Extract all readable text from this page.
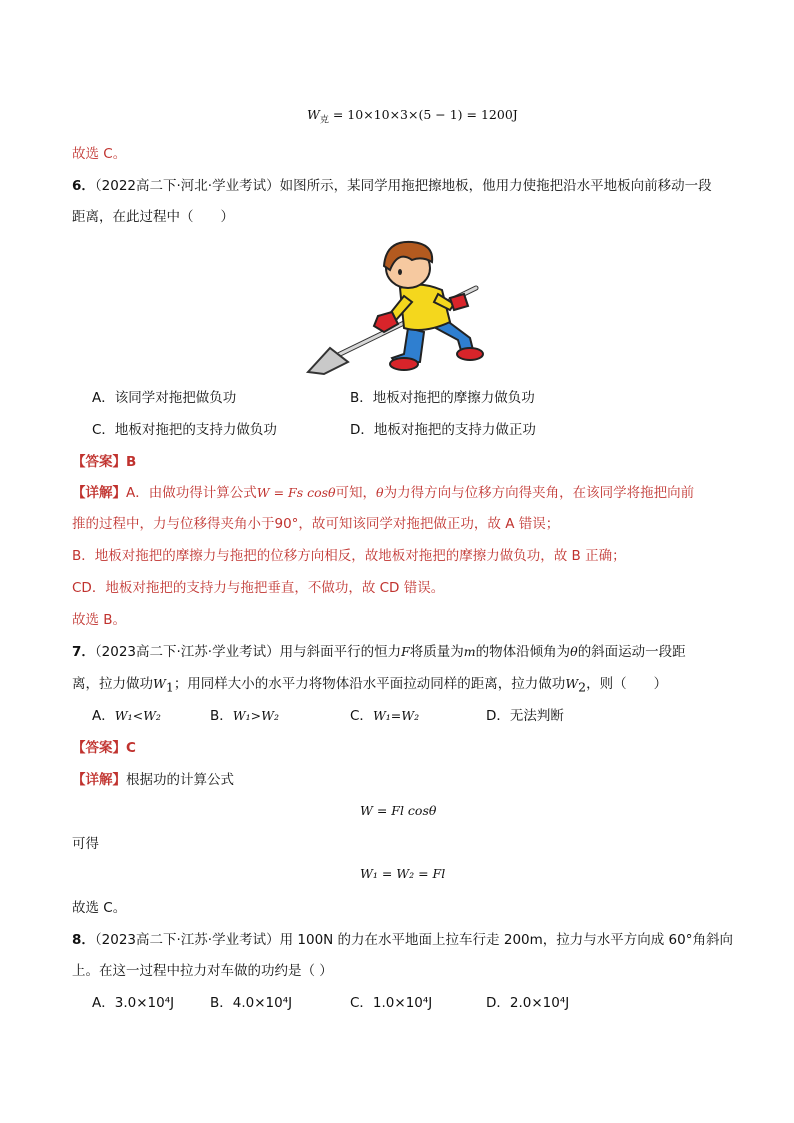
$W_克 = 10\times 10\times 3\times(5 - 1) = 1200J$
故选 C。
6．（2022高二下·河北·学业考试）如图所示，某同学用拖把擦地板，他用力使拖把沿水平地板向前移动一段
距离，在此过程中（　　）
A．该同学对拖把做负功	B．地板对拖把的摩擦力做负功
C．地板对拖把的支持力做负功	D．地板对拖把的支持力做正功
【答案】B
【详解】A．由做功得计算公式W = Fs cosθ可知，θ为力得方向与位移方向得夹角，在该同学将拖把向前
推的过程中，力与位移得夹角小于90°，故可知该同学对拖把做正功，故 A 错误；
B．地板对拖把的摩擦力与拖把的位移方向相反，故地板对拖把的摩擦力做负功，故 B 正确；
CD．地板对拖把的支持力与拖把垂直，不做功，故 CD 错误。
故选 B。
7．（2023高二下·江苏·学业考试）用与斜面平行的恒力F将质量为m的物体沿倾角为θ的斜面运动一段距
离，拉力做功$W_1$；用同样大小的水平力将物体沿水平面拉动同样的距离，拉力做功$W_2$，则（　　）
A．W₁<W₂	B．W₁>W₂	C．W₁=W₂	D．无法判断
【答案】C
【详解】根据功的计算公式
W = Fl cosθ
可得
W₁ = W₂ = Fl
故选 C。
8．（2023高二下·江苏·学业考试）用 100N 的力在水平地面上拉车行走 200m，拉力与水平方向成 60°角斜向
上。在这一过程中拉力对车做的功约是（ ）
A．3.0×10⁴J	B．4.0×10⁴J	C．1.0×10⁴J	D．2.0×10⁴J
